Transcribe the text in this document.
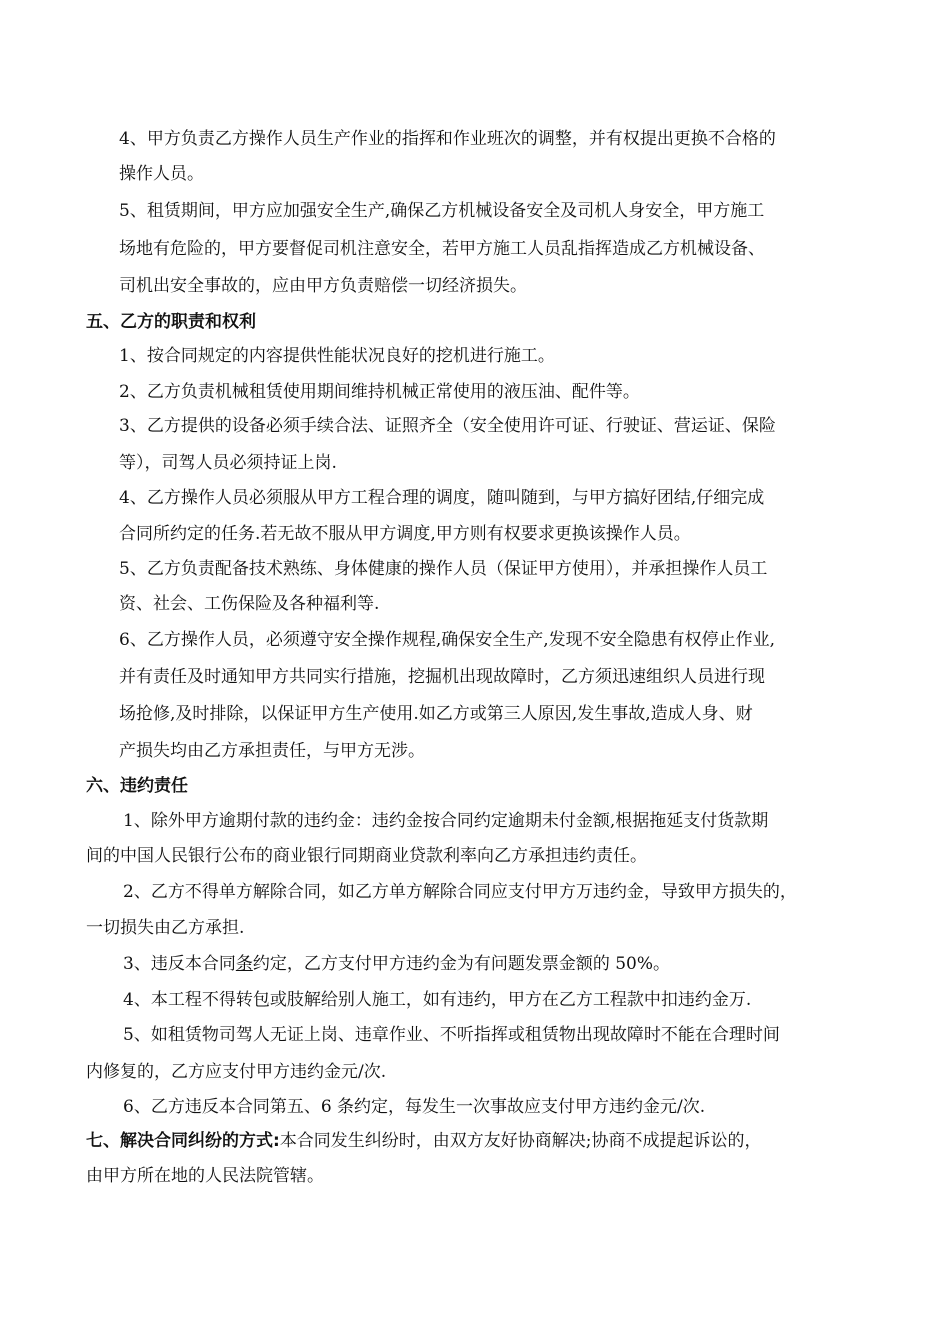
4、甲方负责乙方操作人员生产作业的指挥和作业班次的调整，并有权提出更换不合格的
操作人员。
5、租赁期间，甲方应加强安全生产,确保乙方机械设备安全及司机人身安全，甲方施工
场地有危险的，甲方要督促司机注意安全，若甲方施工人员乱指挥造成乙方机械设备、
司机出安全事故的，应由甲方负责赔偿一切经济损失。
五、乙方的职责和权利
1、按合同规定的内容提供性能状况良好的挖机进行施工。
2、乙方负责机械租赁使用期间维持机械正常使用的液压油、配件等。
3、乙方提供的设备必须手续合法、证照齐全（安全使用许可证、行驶证、营运证、保险
等），司驾人员必须持证上岗.
4、乙方操作人员必须服从甲方工程合理的调度，随叫随到，与甲方搞好团结,仔细完成
合同所约定的任务.若无故不服从甲方调度,甲方则有权要求更换该操作人员。
5、乙方负责配备技术熟练、身体健康的操作人员（保证甲方使用），并承担操作人员工
资、社会、工伤保险及各种福利等.
6、乙方操作人员，必须遵守安全操作规程,确保安全生产,发现不安全隐患有权停止作业,
并有责任及时通知甲方共同实行措施，挖掘机出现故障时，乙方须迅速组织人员进行现
场抢修,及时排除，以保证甲方生产使用.如乙方或第三人原因,发生事故,造成人身、财
产损失均由乙方承担责任，与甲方无涉。
六、违约责任
1、除外甲方逾期付款的违约金：违约金按合同约定逾期未付金额,根据拖延支付货款期
间的中国人民银行公布的商业银行同期商业贷款利率向乙方承担违约责任。
2、乙方不得单方解除合同，如乙方单方解除合同应支付甲方万违约金，导致甲方损失的，
一切损失由乙方承担.
3、违反本合同条约定，乙方支付甲方违约金为有问题发票金额的 50%。
4、本工程不得转包或肢解给别人施工，如有违约，甲方在乙方工程款中扣违约金万.
5、如租赁物司驾人无证上岗、违章作业、不听指挥或租赁物出现故障时不能在合理时间
内修复的，乙方应支付甲方违约金元/次.
6、乙方违反本合同第五、6 条约定，每发生一次事故应支付甲方违约金元/次.
七、解决合同纠纷的方式:本合同发生纠纷时，由双方友好协商解决;协商不成提起诉讼的，
由甲方所在地的人民法院管辖。
